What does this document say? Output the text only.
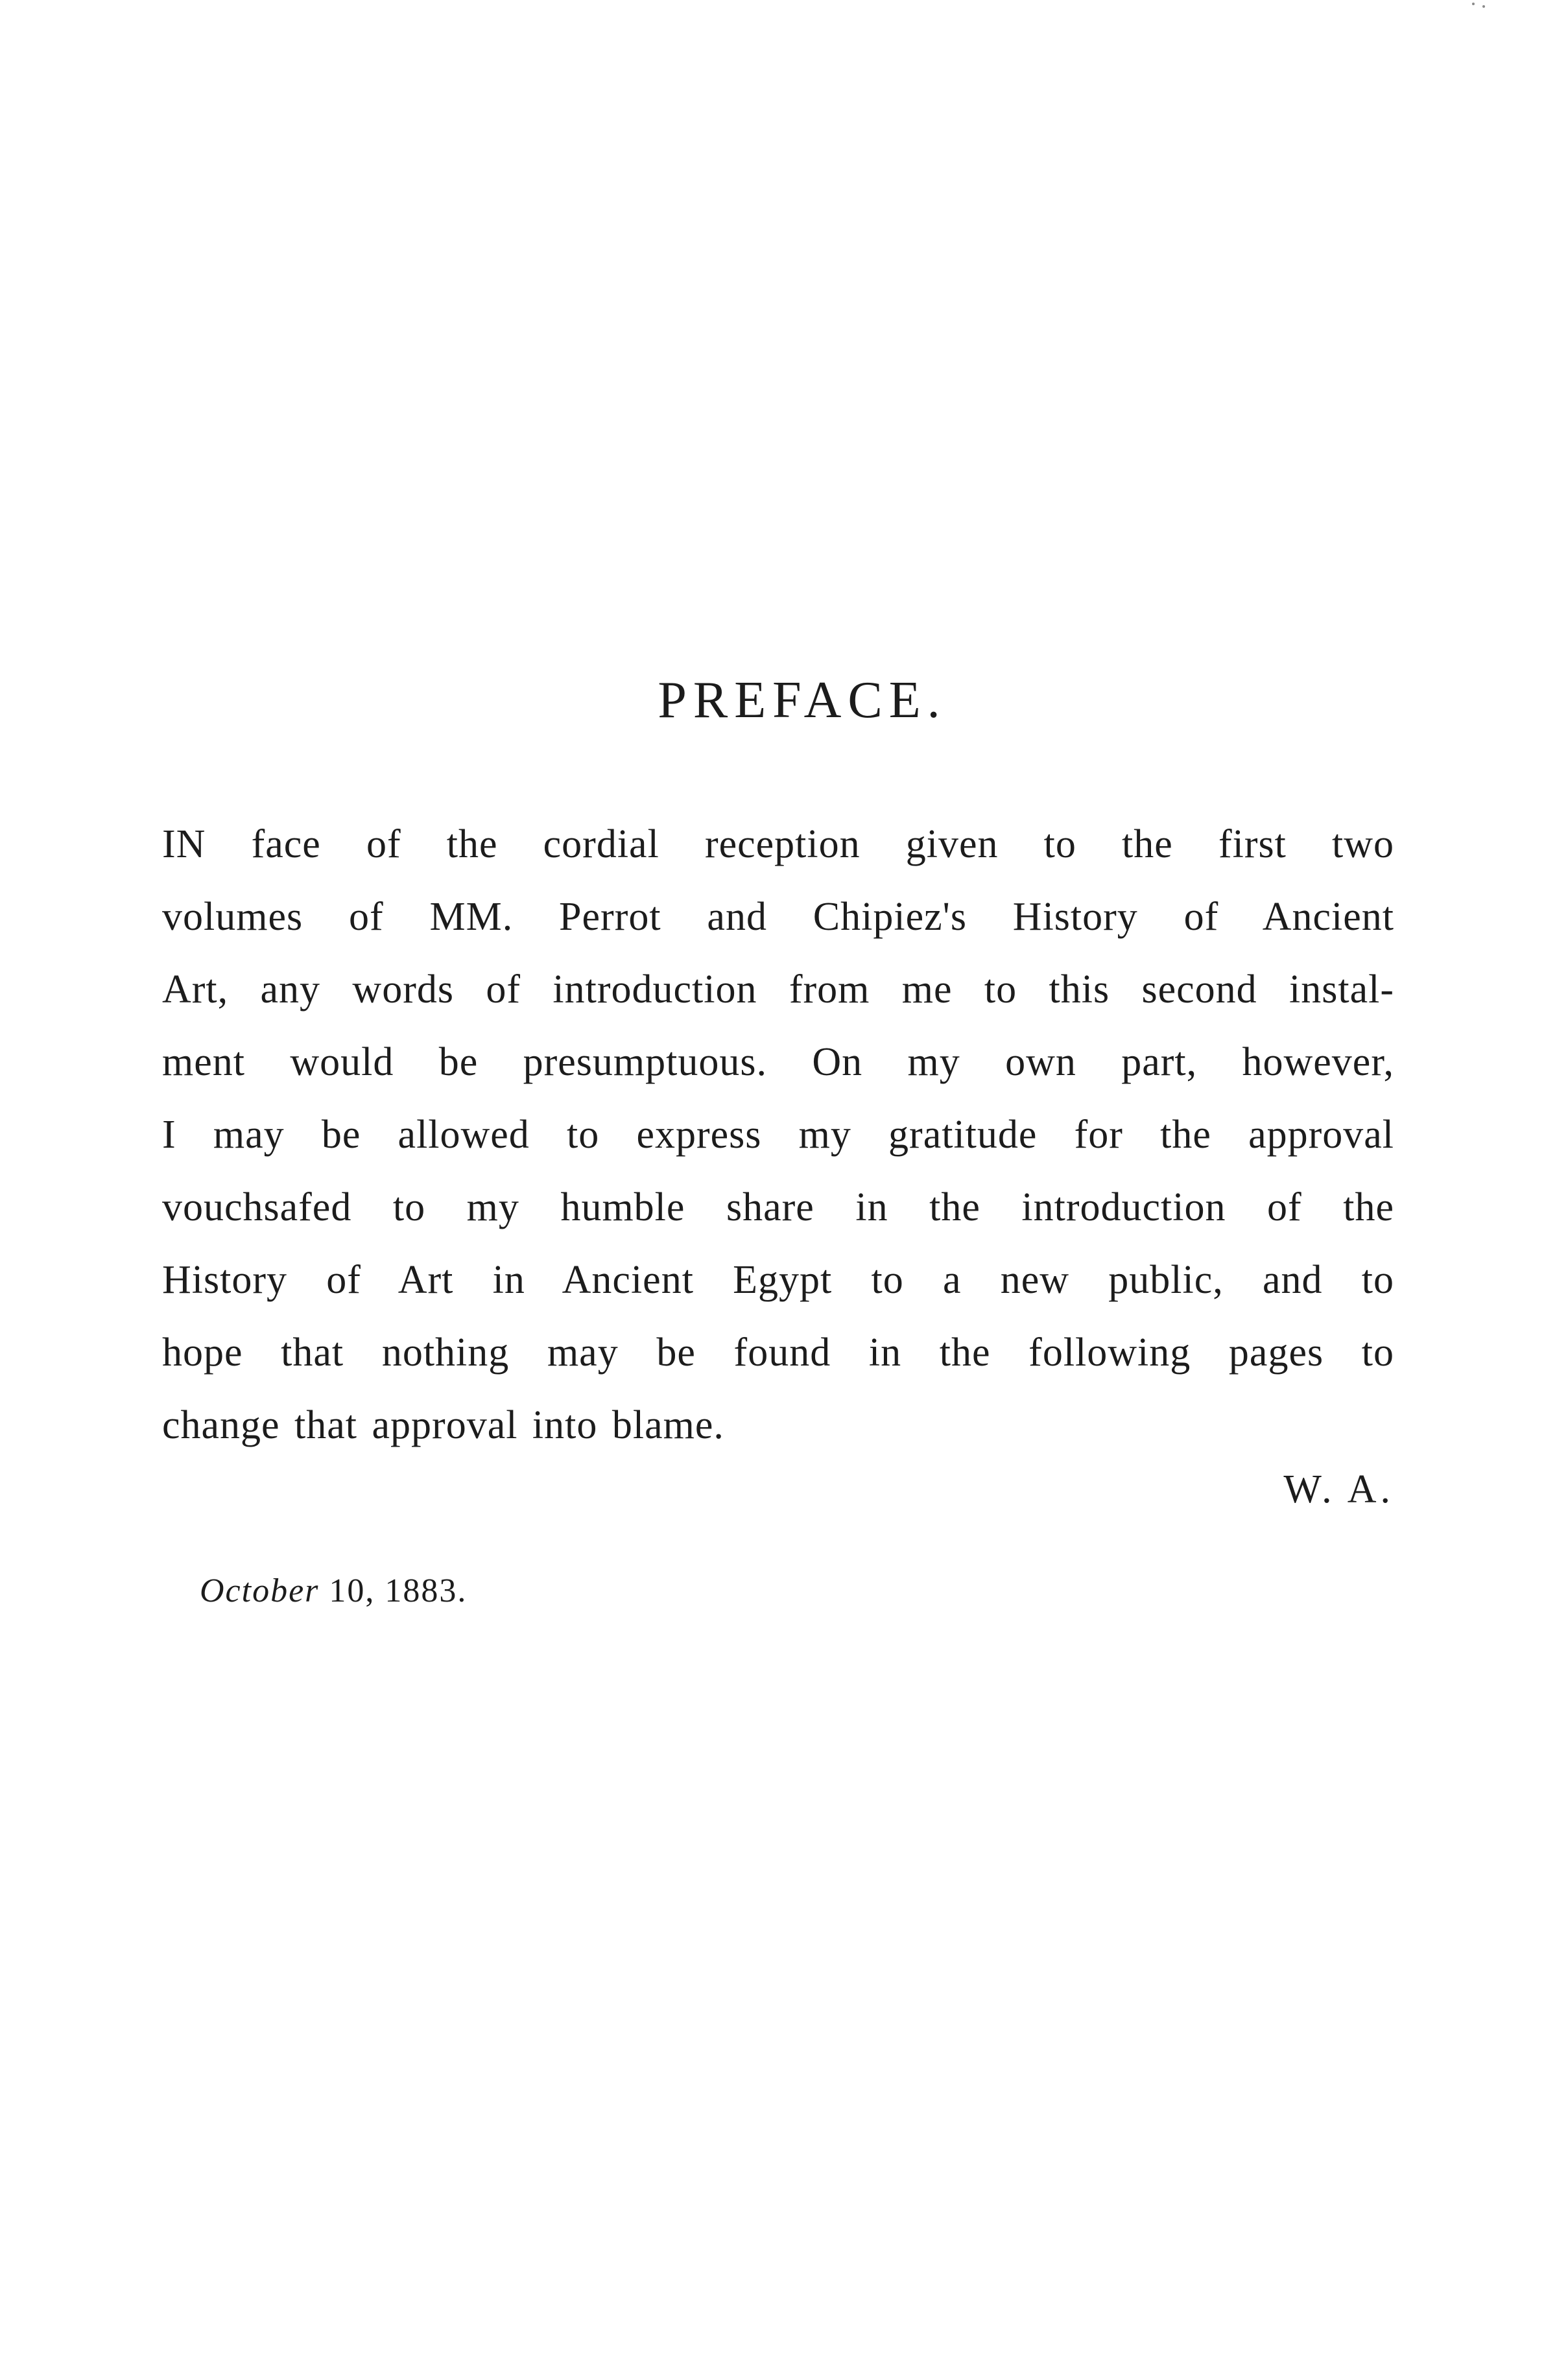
PREFACE.
IN face of the cordial reception given to the first two
volumes of MM. Perrot and Chipiez's History of Ancient
Art, any words of introduction from me to this second instal-
ment would be presumptuous. On my own part, however,
I may be allowed to express my gratitude for the approval
vouchsafed to my humble share in the introduction of the
History of Art in Ancient Egypt to a new public, and to
hope that nothing may be found in the following pages to
change that approval into blame.

W. A.

October 10, 1883.
